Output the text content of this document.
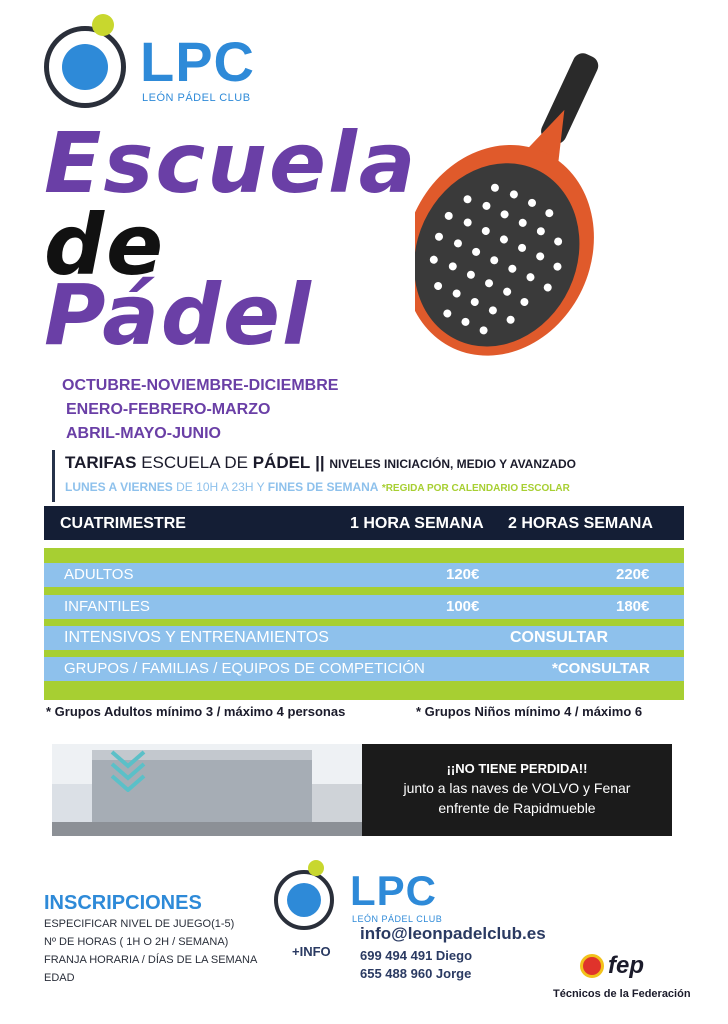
LPC
LEÓN PÁDEL CLUB
Escuela
de
Pádel
OCTUBRE-NOVIEMBRE-DICIEMBRE
ENERO-FEBRERO-MARZO
ABRIL-MAYO-JUNIO
TARIFAS ESCUELA DE PÁDEL || NIVELES INICIACIÓN, MEDIO Y AVANZADO
LUNES A VIERNES DE 10H A 23H Y FINES DE SEMANA *REGIDA POR CALENDARIO ESCOLAR
CUATRIMESTRE	1 HORA SEMANA 2 HORAS SEMANA
ADULTOS	120€	220€
INFANTILES	100€	180€
INTENSIVOS Y ENTRENAMIENTOS	CONSULTAR
GRUPOS / FAMILIAS / EQUIPOS DE COMPETICIÓN	*CONSULTAR
* Grupos Adultos mínimo 3 / máximo 4 personas	* Grupos Niños mínimo 4 / máximo 6
¡¡NO TIENE PERDIDA!!
junto a las naves de VOLVO y Fenar
enfrente de Rapidmueble
INSCRIPCIONES
ESPECIFICAR NIVEL DE JUEGO(1-5)
Nº DE HORAS ( 1H O 2H / SEMANA)
FRANJA HORARIA / DÍAS DE LA SEMANA
EDAD
LPC
LEÓN PÁDEL CLUB
+INFO
info@leonpadelclub.es
699 494 491 Diego
655 488 960 Jorge	fep
Técnicos de la Federación
